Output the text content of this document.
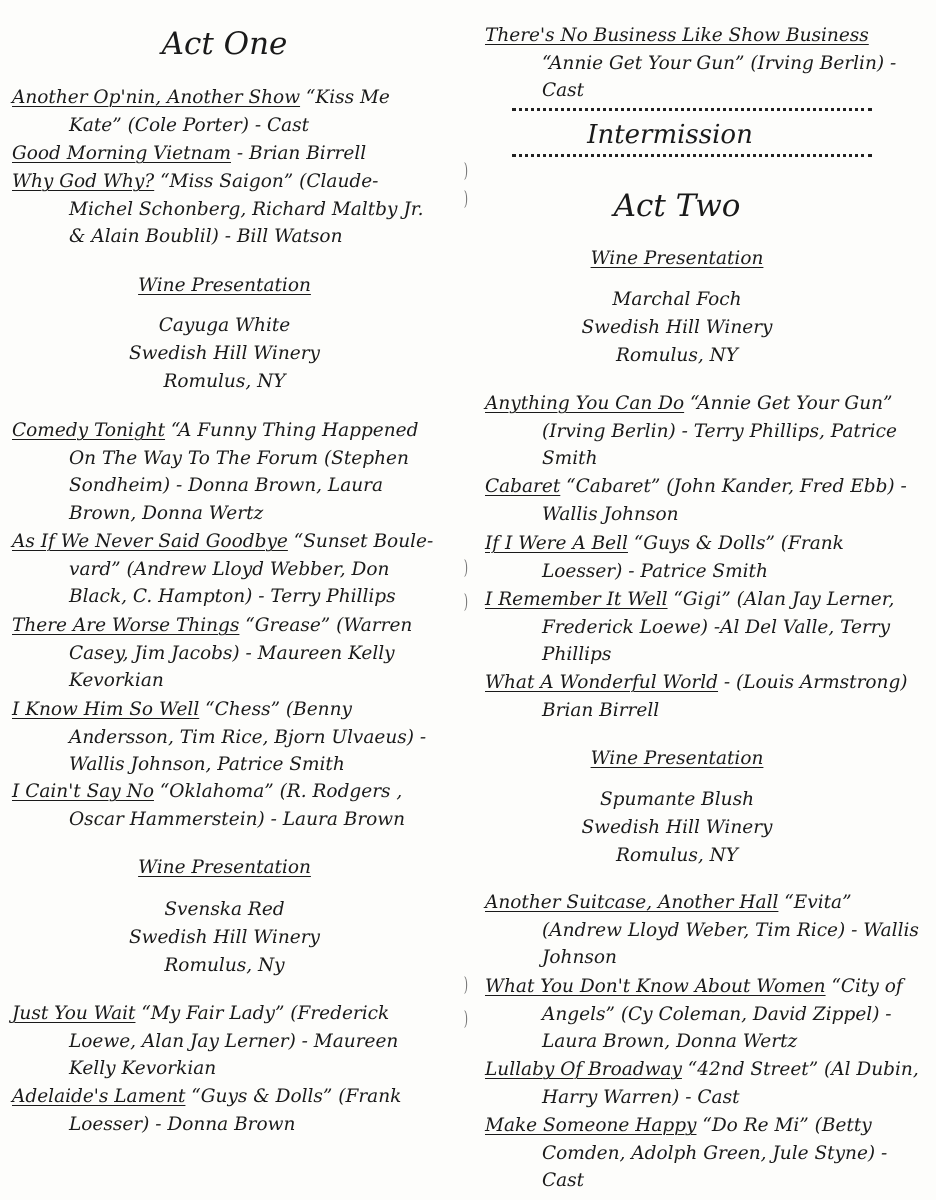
Act One
Another Op'nin, Another Show “Kiss Me Kate” (Cole Porter) - Cast
Good Morning Vietnam - Brian Birrell
Why God Why? “Miss Saigon” (Claude-Michel Schonberg, Richard Maltby Jr. & Alain Boublil) - Bill Watson
Wine Presentation
Cayuga White
Swedish Hill Winery
Romulus, NY
Comedy Tonight “A Funny Thing Happened On The Way To The Forum (Stephen Sondheim) - Donna Brown, Laura Brown, Donna Wertz
As If We Never Said Goodbye “Sunset Boule-vard” (Andrew Lloyd Webber, Don Black, C. Hampton) - Terry Phillips
There Are Worse Things “Grease” (Warren Casey, Jim Jacobs) - Maureen Kelly Kevorkian
I Know Him So Well “Chess” (Benny Andersson, Tim Rice, Bjorn Ulvaeus) - Wallis Johnson, Patrice Smith
I Cain't Say No “Oklahoma” (R. Rodgers , Oscar Hammerstein) - Laura Brown
Wine Presentation
Svenska Red
Swedish Hill Winery
Romulus, Ny
Just You Wait “My Fair Lady” (Frederick Loewe, Alan Jay Lerner) - Maureen Kelly Kevorkian
Adelaide's Lament “Guys & Dolls” (Frank Loesser) - Donna Brown
)
)
)
)
)
)
There's No Business Like Show Business “Annie Get Your Gun” (Irving Berlin) - Cast
Intermission
Act Two
Wine Presentation
Marchal Foch
Swedish Hill Winery
Romulus, NY
Anything You Can Do “Annie Get Your Gun” (Irving Berlin) - Terry Phillips, Patrice Smith
Cabaret “Cabaret” (John Kander, Fred Ebb) - Wallis Johnson
If I Were A Bell “Guys & Dolls” (Frank Loesser) - Patrice Smith
I Remember It Well “Gigi” (Alan Jay Lerner, Frederick Loewe) -Al Del Valle, Terry Phillips
What A Wonderful World - (Louis Armstrong) Brian Birrell
Wine Presentation
Spumante Blush
Swedish Hill Winery
Romulus, NY
Another Suitcase, Another Hall “Evita” (Andrew Lloyd Weber, Tim Rice) - Wallis Johnson
What You Don't Know About Women “City of Angels” (Cy Coleman, David Zippel) - Laura Brown, Donna Wertz
Lullaby Of Broadway “42nd Street” (Al Dubin, Harry Warren) - Cast
Make Someone Happy “Do Re Mi” (Betty Comden, Adolph Green, Jule Styne) - Cast
